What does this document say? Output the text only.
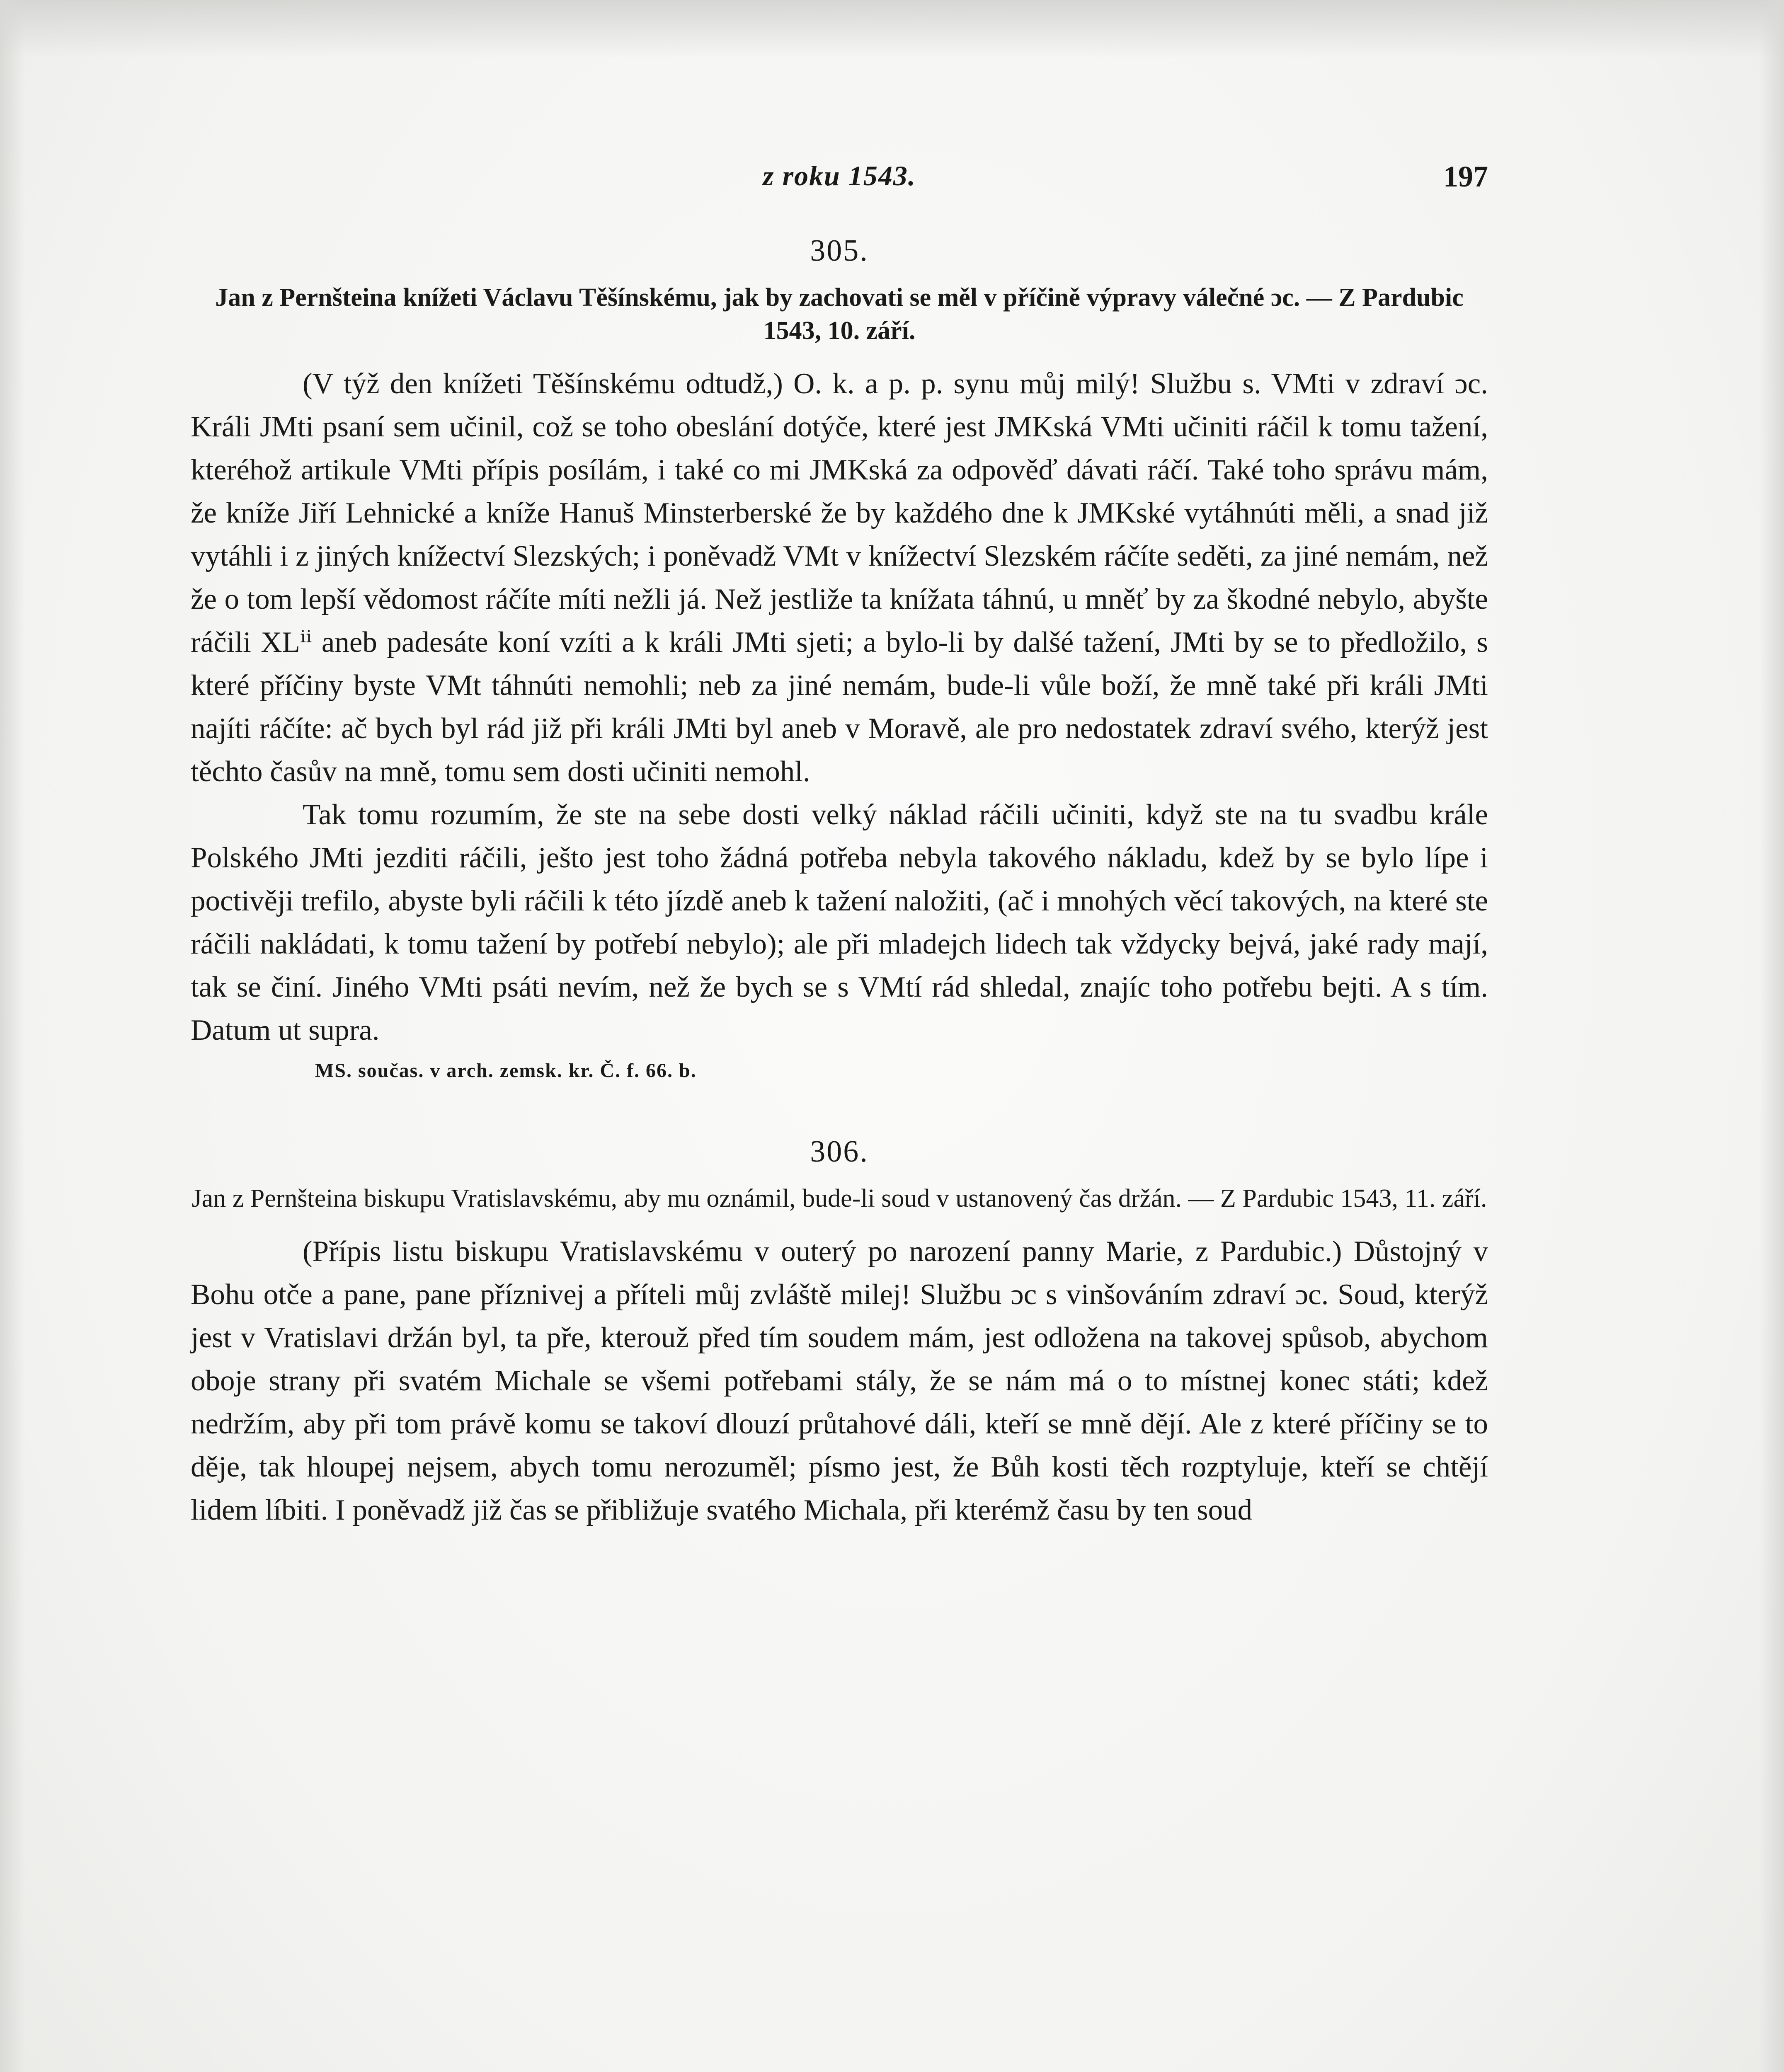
z roku 1543.	197
305.
Jan z Pernšteina knížeti Václavu Těšínskému, jak by zachovati se měl v příčině výpravy válečné ɔc. — Z Pardubic 1543, 10. září.

(V týž den knížeti Těšínskému odtudž,) O. k. a p. p. synu můj milý! Službu s. VMti v zdraví ɔc. Králi JMti psaní sem učinil, což se toho obeslání dotýče, které jest JMKská VMti učiniti ráčil k tomu tažení, kteréhož artikule VMti přípis posílám, i také co mi JMKská za odpověď dávati ráčí. Také toho správu mám, že kníže Jiří Lehnické a kníže Hanuš Minsterberské že by každého dne k JMKské vytáhnúti měli, a snad již vytáhli i z jiných knížectví Slezských; i poněvadž VMt v knížectví Slezském ráčíte seděti, za jiné nemám, než že o tom lepší vědomost ráčíte míti nežli já. Než jestliže ta knížata táhnú, u mněť by za škodné nebylo, abyšte ráčili XLⁱⁱ aneb padesáte koní vzíti a k králi JMti sjeti; a bylo-li by dalšé tažení, JMti by se to předložilo, s které příčiny byste VMt táhnúti nemohli; neb za jiné nemám, bude-li vůle boží, že mně také při králi JMti najíti ráčíte: ač bych byl rád již při králi JMti byl aneb v Moravě, ale pro nedostatek zdraví svého, kterýž jest těchto časův na mně, tomu sem dosti učiniti nemohl.

Tak tomu rozumím, že ste na sebe dosti velký náklad ráčili učiniti, když ste na tu svadbu krále Polského JMti jezditi ráčili, ješto jest toho žádná potřeba nebyla takového nákladu, kdež by se bylo lípe i poctivěji trefilo, abyste byli ráčili k této jízdě aneb k tažení naložiti, (ač i mnohých věcí takových, na které ste ráčili nakládati, k tomu tažení by potřebí nebylo); ale při mladejch lidech tak vždycky bejvá, jaké rady mají, tak se činí. Jiného VMti psáti nevím, než že bych se s VMtí rád shledal, znajíc toho potřebu bejti. A s tím. Datum ut supra.

MS. součas. v arch. zemsk. kr. Č. f. 66. b.
306.
Jan z Pernšteina biskupu Vratislavskému, aby mu oznámil, bude-li soud v ustanovený čas držán. — Z Pardubic 1543, 11. září.

(Přípis listu biskupu Vratislavskému v outerý po narození panny Marie, z Pardubic.) Důstojný v Bohu otče a pane, pane příznivej a příteli můj zvláště milej! Službu ɔc s vinšováním zdraví ɔc. Soud, kterýž jest v Vratislavi držán byl, ta pře, kterouž před tím soudem mám, jest odložena na takovej spůsob, abychom oboje strany při svatém Michale se všemi potřebami stály, že se nám má o to místnej konec státi; kdež nedržím, aby při tom právě komu se takoví dlouzí průtahové dáli, kteří se mně dějí. Ale z které příčiny se to děje, tak hloupej nejsem, abych tomu nerozuměl; písmo jest, že Bůh kosti těch rozptyluje, kteří se chtějí lidem líbiti. I poněvadž již čas se přibližuje svatého Michala, při kterémž času by ten soud
